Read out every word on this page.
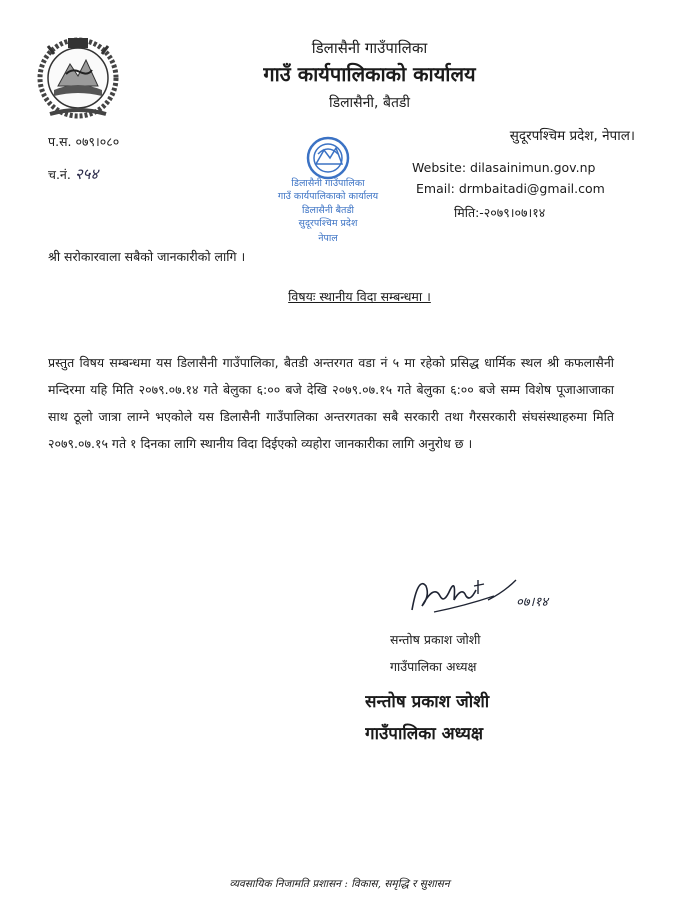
डिलासैनी गाउँपालिका
गाउँ कार्यपालिकाको कार्यालय
डिलासैनी, बैतडी
प.स. ०७९।०८०
च.नं. २५४
सुदूरपश्चिम प्रदेश, नेपाल।
Website: dilasainimun.gov.np
Email: drmbaitadi@gmail.com
मिति:-२०७९।०७।१४
डिलासैनी गाउँपालिका
गाउँ कार्यपालिकाको कार्यालय
डिलासैनी बैतडी
सुदूरपश्चिम प्रदेश
नेपाल
श्री सरोकारवाला सबैको जानकारीको लागि ।
विषयः स्थानीय विदा सम्बन्धमा ।
प्रस्तुत विषय सम्बन्धमा यस डिलासैनी गाउँपालिका, बैतडी अन्तरगत वडा नं ५ मा रहेको प्रसिद्ध धार्मिक स्थल श्री कफलासैनी मन्दिरमा यहि मिति २०७९.०७.१४ गते बेलुका ६:०० बजे देखि २०७९.०७.१५ गते बेलुका ६:०० बजे सम्म विशेष पूजाआजाका साथ ठूलो जात्रा लाग्ने भएकोले यस डिलासैनी गाउँपालिका अन्तरगतका सबै सरकारी तथा गैरसरकारी संघसंस्थाहरुमा मिति २०७९.०७.१५ गते १ दिनका लागि स्थानीय विदा दिईएको व्यहोरा जानकारीका लागि अनुरोध छ ।
०७।१४
सन्तोष प्रकाश जोशी
गाउँपालिका अध्यक्ष
सन्तोष प्रकाश जोशी
गाउँपालिका अध्यक्ष
व्यवसायिक निजामति प्रशासन : विकास, समृद्धि र सुशासन
